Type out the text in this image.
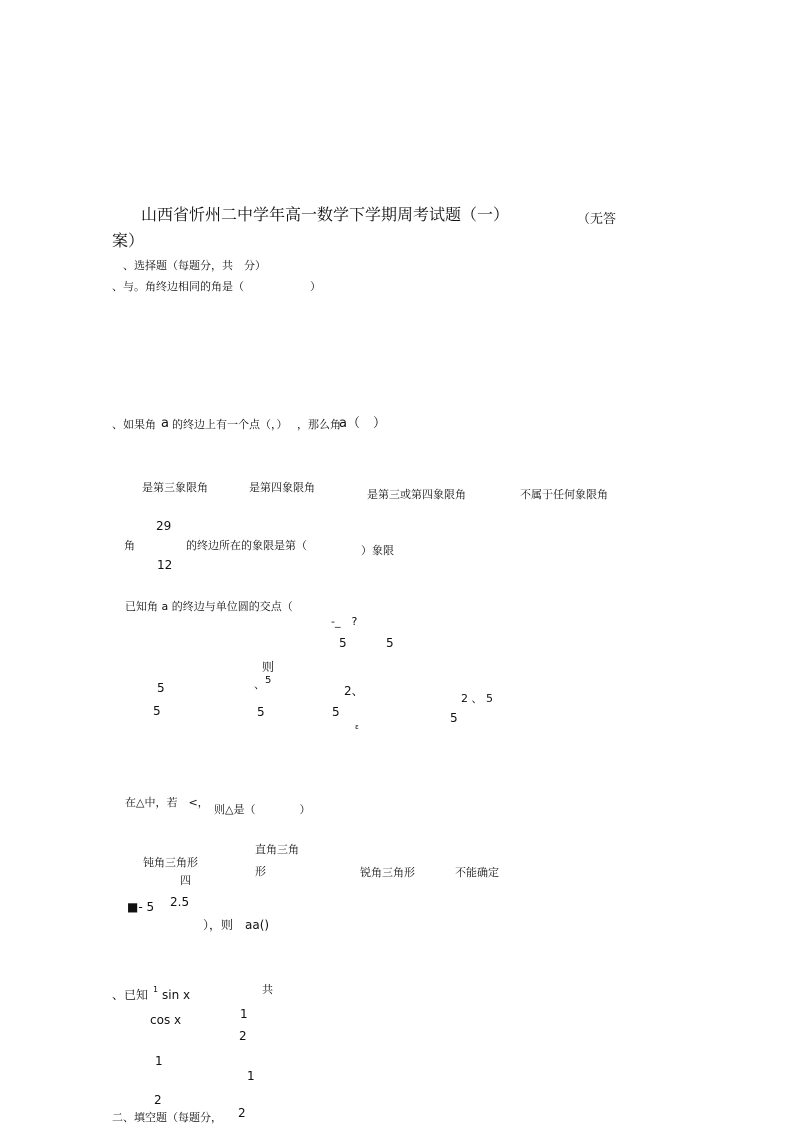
山西省忻州二中学年高一数学下学期周考试题（一）	（无答
案）
、选择题（每题分，共　分）
、与。角终边相同的角是（　　　　　　）
、如果角 a 的终边上有一个点（，） ，那么角
a（　）
是第三象限角	是第四象限角
是第三或第四象限角	不属于任何象限角
29
角	的终边所在的象限是第（	）象限
12
已知角 a 的终边与单位圆的交点（
-_　?
5	5
则
5
5
、 5
5
2、
5
ε
2 、 5
5
在△中，若　<，
则△是（　　　　）
直角三角
钝角三角形
形	锐角三角形	不能确定
四
2.5
■- 5
），则　aa()
共
、已知 1 sin x
1
cos x
2
1
1
2
2
二、填空题（每题分，
